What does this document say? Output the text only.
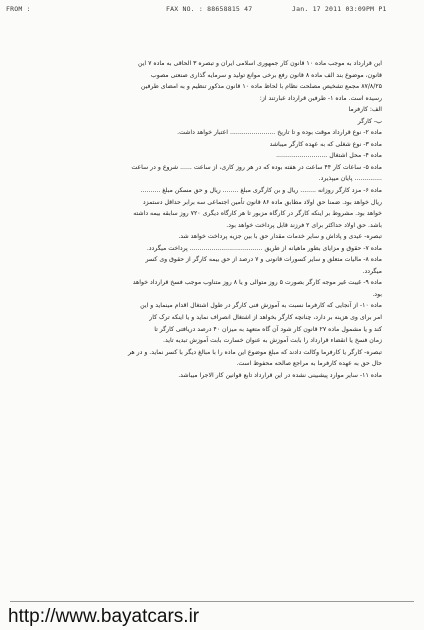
FROM :	FAX NO. : 88658815 47	Jan. 17 2011 03:09PM P1
این قرارداد به موجب ماده ۱۰ قانون کار جمهوری اسلامی ایران و تبصره ۳ الحاقی به ماده ۷ این
قانون، موضوع بند الف ماده ۸ قانون رفع برخی موانع تولید و سرمایه گذاری صنعتی مصوب
۸۷/۸/۲۵ مجمع تشخیص مصلحت نظام با لحاظ ماده ۱۰ قانون مذکور تنظیم و به امضای طرفین
رسیده است. ماده ۱- طرفین قرارداد عبارتند از:
الف: کارفرما
ب- کارگر
ماده ۲- نوع قرارداد موقت بوده و تا تاریخ ....................... اعتبار خواهد داشت.
ماده ۳- نوع شغلی که به عهده کارگر میباشد
ماده ۴- محل اشتغال ..........................
ماده ۵- ساعات کار ۴۴ ساعت در هفته بوده که در هر روز کاری، از ساعت ...... شروع و در ساعت
.............. پایان میپذیرد.
ماده ۶- مزد کارگر روزانه ........ ریال و بن کارگری مبلغ ........ ریال و حق مسکن مبلغ ..........
ریال خواهد بود. ضمنا حق اولاد مطابق ماده ۸۶ قانون تأمین اجتماعی سه برابر حداقل دستمزد
خواهد بود. مشروط بر اینکه کارگر در کارگاه مزبور تا هر کارگاه دیگری ۷۲۰ روز سابقه بیمه داشته
باشد. حق اولاد حداکثر برای ۲ فرزند قابل پرداخت خواهد بود.
تبصره- عیدی و پاداش و سایر خدمات مقدار حق با بین جزیه پرداخت خواهد شد.
ماده ۷- حقوق و مزایای بطور ماهیانه از طریق ..................................... پرداخت میگردد.
ماده ۸- مالیات متعلق و سایر کسورات قانونی و ۷ درصد از حق بیمه کارگر از حقوق وی کسر
میگردد.
ماده ۹- غیبت غیر موجه کارگر بصورت ۵ روز متوالی و یا ۸ روز متناوب موجب فسخ قرارداد خواهد
بود.
ماده ۱۰- از آنجایی که کارفرما نسبت به آموزش فنی کارگر در طول اشتغال اقدام مینماید و این
امر برای وی هزینه بر دارد، چنانچه کارگر بخواهد از اشتغال انصراف نماید و یا اینکه ترک کار
کند و یا مشمول ماده ۲۷ قانون کار شود آن گاه متعهد به میزان ۴۰ درصد دریافتی کارگر تا
زمان فسخ یا انقضاء قرارداد را بابت آموزش به عنوان خسارت بابت آموزش تبدیه تاید.
تبصره- کارگر یا کارفرما وکالت دادند که مبلغ موضوع این ماده را با مبالغ دیگر با کسر نماید. و در هر
حال حق به عهده کارفرما به مراجع صالحه محفوظ است.
ماده ۱۱- سایر موارد پیشبینی نشده در این قرارداد تابع قوانین کار الاجرا میباشد.
http://www.bayatcars.ir
